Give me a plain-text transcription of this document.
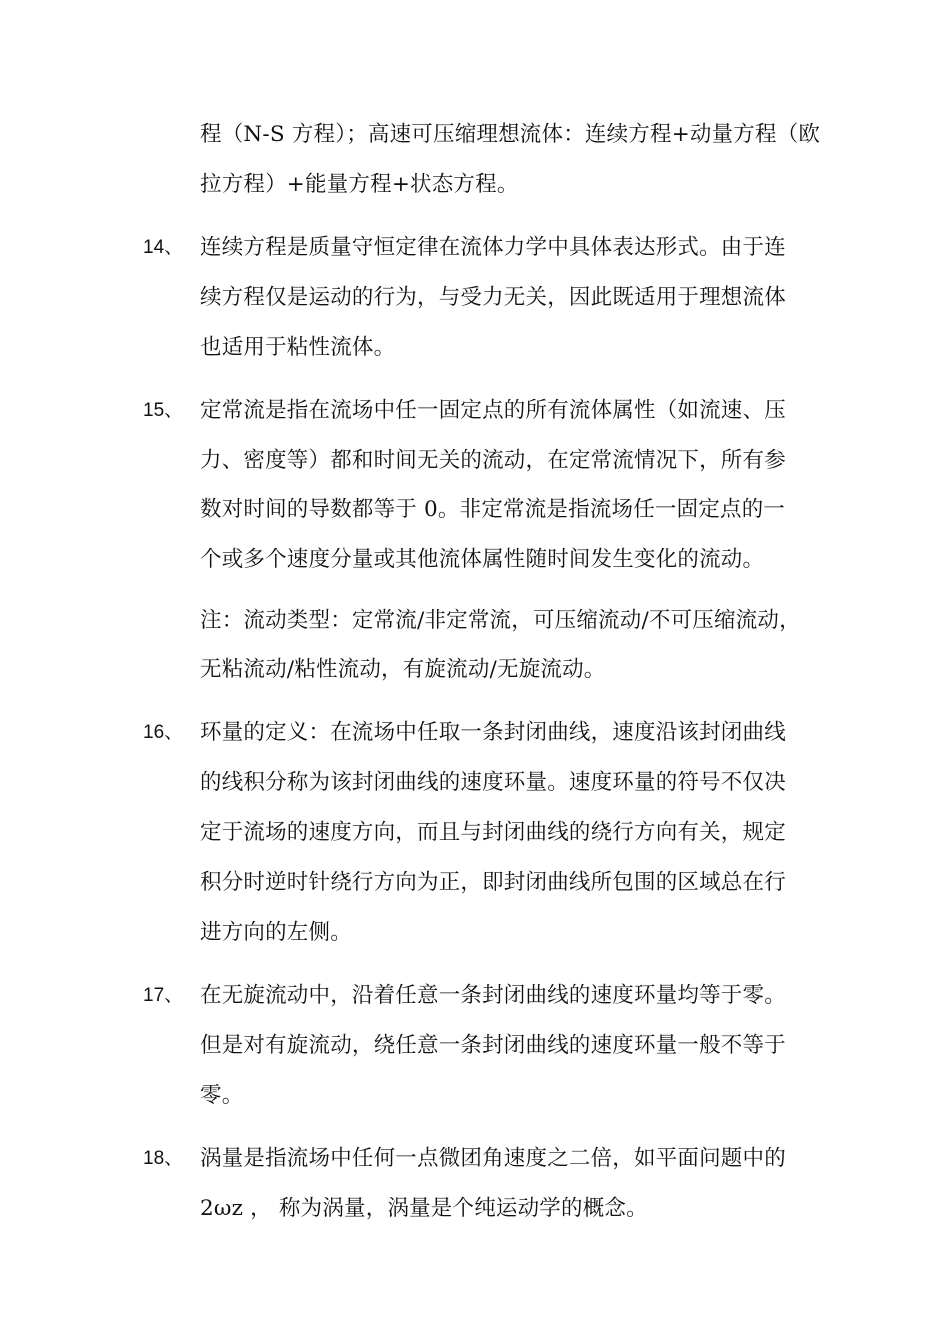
程（N-S 方程）；高速可压缩理想流体：连续方程+动量方程（欧
拉方程）+能量方程+状态方程。
14、 连续方程是质量守恒定律在流体力学中具体表达形式。由于连
续方程仅是运动的行为，与受力无关，因此既适用于理想流体
也适用于粘性流体。
15、 定常流是指在流场中任一固定点的所有流体属性（如流速、压
力、密度等）都和时间无关的流动，在定常流情况下，所有参
数对时间的导数都等于 0。非定常流是指流场任一固定点的一
个或多个速度分量或其他流体属性随时间发生变化的流动。
注：流动类型：定常流/非定常流，可压缩流动/不可压缩流动，
无粘流动/粘性流动，有旋流动/无旋流动。
16、 环量的定义：在流场中任取一条封闭曲线，速度沿该封闭曲线
的线积分称为该封闭曲线的速度环量。速度环量的符号不仅决
定于流场的速度方向，而且与封闭曲线的绕行方向有关，规定
积分时逆时针绕行方向为正，即封闭曲线所包围的区域总在行
进方向的左侧。
17、 在无旋流动中，沿着任意一条封闭曲线的速度环量均等于零。
但是对有旋流动，绕任意一条封闭曲线的速度环量一般不等于
零。
18、 涡量是指流场中任何一点微团角速度之二倍，如平面问题中的
2ωz ， 称为涡量，涡量是个纯运动学的概念。
